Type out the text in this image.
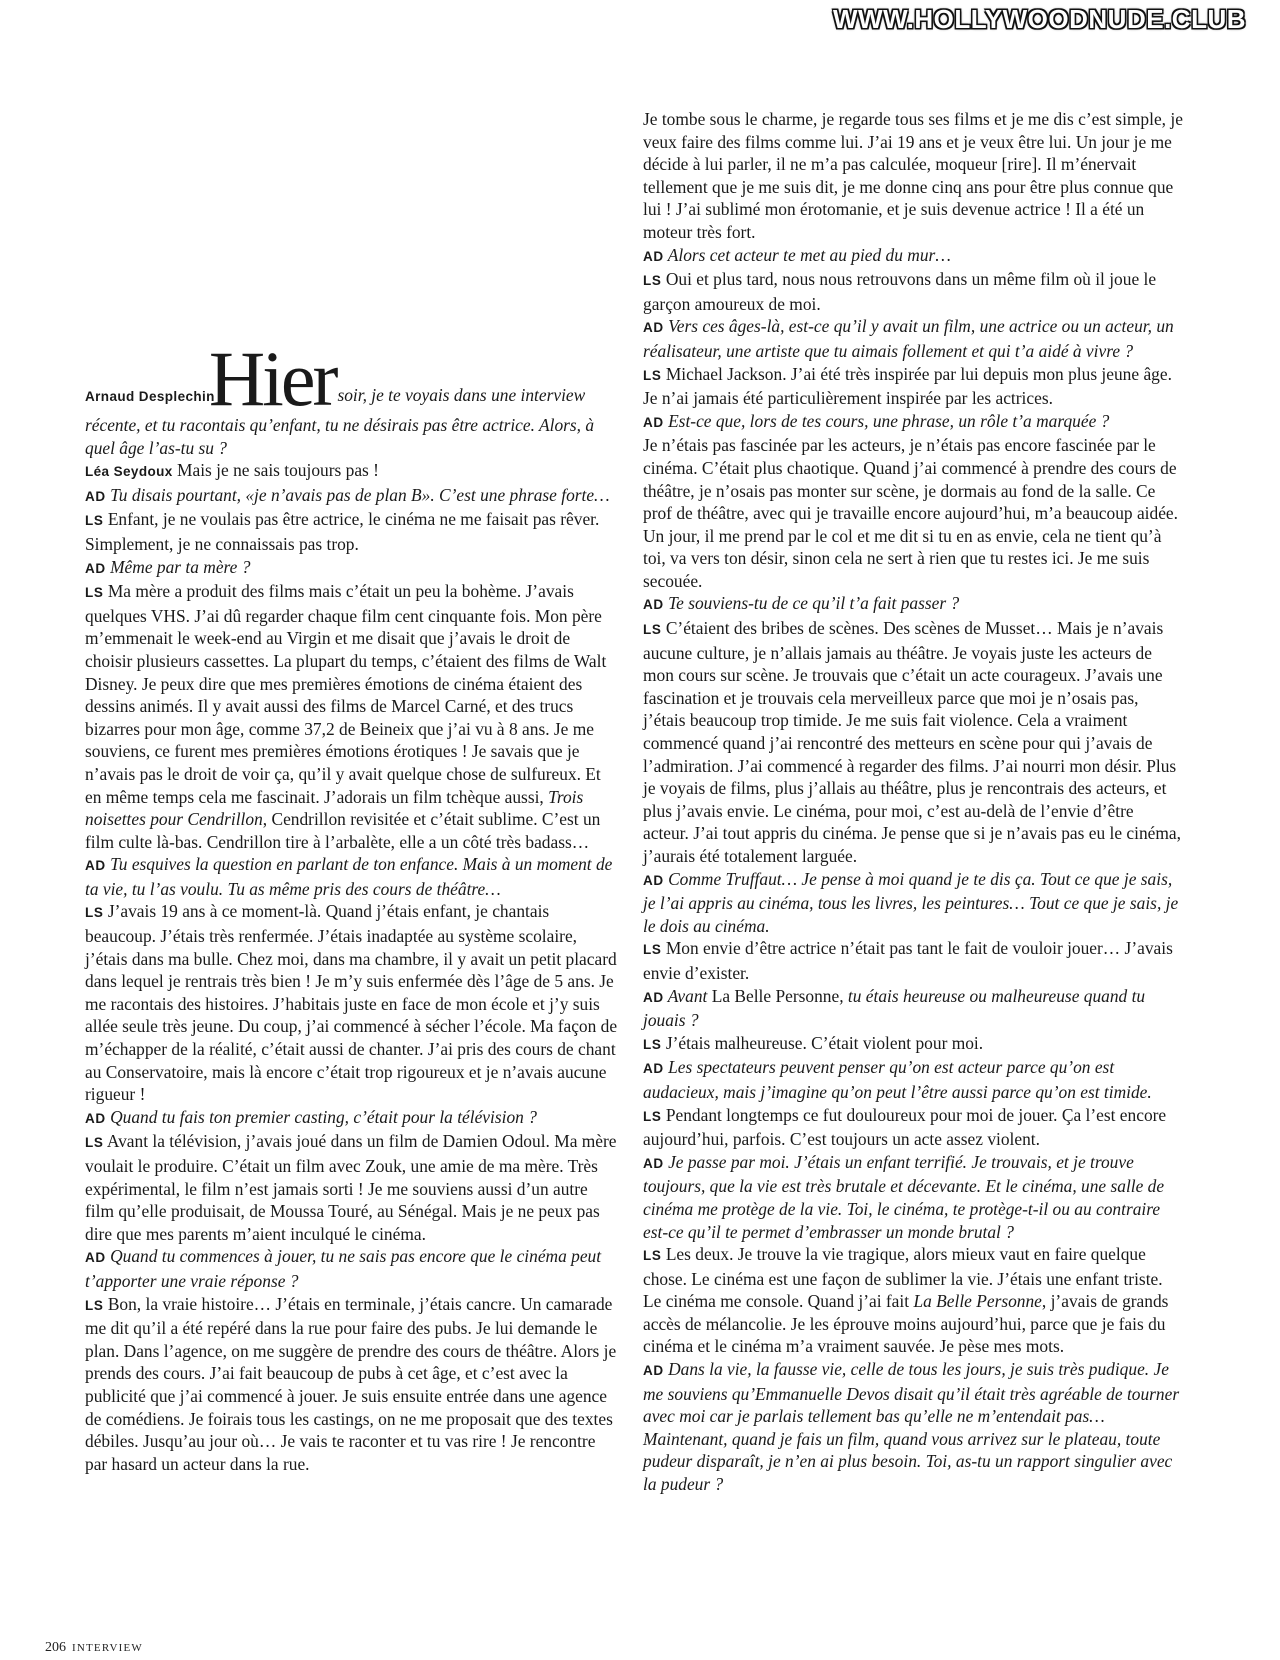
WWW.HOLLYWOODNUDE.CLUB

Arnaud DesplechinHier soir, je te voyais dans une interview récente, et tu racontais qu’enfant, tu ne désirais pas être actrice. Alors, à quel âge l’as-tu su ?

Léa Seydoux Mais je ne sais toujours pas !

AD Tu disais pourtant, «je n’avais pas de plan B». C’est une phrase forte…

LS Enfant, je ne voulais pas être actrice, le cinéma ne me faisait pas rêver. Simplement, je ne connaissais pas trop.

AD Même par ta mère ?

LS Ma mère a produit des films mais c’était un peu la bohème. J’avais quelques VHS. J’ai dû regarder chaque film cent cinquante fois. Mon père m’emmenait le week-end au Virgin et me disait que j’avais le droit de choisir plusieurs cassettes. La plupart du temps, c’étaient des films de Walt Disney. Je peux dire que mes premières émotions de cinéma étaient des dessins animés. Il y avait aussi des films de Marcel Carné, et des trucs bizarres pour mon âge, comme 37,2 de Beineix que j’ai vu à 8 ans. Je me souviens, ce furent mes premières émotions érotiques ! Je savais que je n’avais pas le droit de voir ça, qu’il y avait quelque chose de sulfureux. Et en même temps cela me fascinait. J’adorais un film tchèque aussi, Trois noisettes pour Cendrillon, Cendrillon revisitée et c’était sublime. C’est un film culte là-bas. Cendrillon tire à l’arbalète, elle a un côté très badass…

AD Tu esquives la question en parlant de ton enfance. Mais à un moment de ta vie, tu l’as voulu. Tu as même pris des cours de théâtre…

LS J’avais 19 ans à ce moment-là. Quand j’étais enfant, je chantais beaucoup. J’étais très renfermée. J’étais inadaptée au système scolaire, j’étais dans ma bulle. Chez moi, dans ma chambre, il y avait un petit placard dans lequel je rentrais très bien ! Je m’y suis enfermée dès l’âge de 5 ans. Je me racontais des histoires. J’habitais juste en face de mon école et j’y suis allée seule très jeune. Du coup, j’ai commencé à sécher l’école. Ma façon de m’échapper de la réalité, c’était aussi de chanter. J’ai pris des cours de chant au Conservatoire, mais là encore c’était trop rigoureux et je n’avais aucune rigueur !

AD Quand tu fais ton premier casting, c’était pour la télévision ?

LS Avant la télévision, j’avais joué dans un film de Damien Odoul. Ma mère voulait le produire. C’était un film avec Zouk, une amie de ma mère. Très expérimental, le film n’est jamais sorti ! Je me souviens aussi d’un autre film qu’elle produisait, de Moussa Touré, au Sénégal. Mais je ne peux pas dire que mes parents m’aient inculqué le cinéma.

AD Quand tu commences à jouer, tu ne sais pas encore que le cinéma peut t’apporter une vraie réponse ?

LS Bon, la vraie histoire… J’étais en terminale, j’étais cancre. Un camarade me dit qu’il a été repéré dans la rue pour faire des pubs. Je lui demande le plan. Dans l’agence, on me suggère de prendre des cours de théâtre. Alors je prends des cours. J’ai fait beaucoup de pubs à cet âge, et c’est avec la publicité que j’ai commencé à jouer. Je suis ensuite entrée dans une agence de comédiens. Je foirais tous les castings, on ne me proposait que des textes débiles. Jusqu’au jour où… Je vais te raconter et tu vas rire ! Je rencontre par hasard un acteur dans la rue.

Je tombe sous le charme, je regarde tous ses films et je me dis c’est simple, je veux faire des films comme lui. J’ai 19 ans et je veux être lui. Un jour je me décide à lui parler, il ne m’a pas calculée, moqueur [rire]. Il m’énervait tellement que je me suis dit, je me donne cinq ans pour être plus connue que lui ! J’ai sublimé mon érotomanie, et je suis devenue actrice ! Il a été un moteur très fort.

AD Alors cet acteur te met au pied du mur…

LS Oui et plus tard, nous nous retrouvons dans un même film où il joue le garçon amoureux de moi.

AD Vers ces âges-là, est-ce qu’il y avait un film, une actrice ou un acteur, un réalisateur, une artiste que tu aimais follement et qui t’a aidé à vivre ?

LS Michael Jackson. J’ai été très inspirée par lui depuis mon plus jeune âge. Je n’ai jamais été particulièrement inspirée par les actrices.

AD Est-ce que, lors de tes cours, une phrase, un rôle t’a marquée ?

Je n’étais pas fascinée par les acteurs, je n’étais pas encore fascinée par le cinéma. C’était plus chaotique. Quand j’ai commencé à prendre des cours de théâtre, je n’osais pas monter sur scène, je dormais au fond de la salle. Ce prof de théâtre, avec qui je travaille encore aujourd’hui, m’a beaucoup aidée. Un jour, il me prend par le col et me dit si tu en as envie, cela ne tient qu’à toi, va vers ton désir, sinon cela ne sert à rien que tu restes ici. Je me suis secouée.

AD Te souviens-tu de ce qu’il t’a fait passer ?

LS C’étaient des bribes de scènes. Des scènes de Musset… Mais je n’avais aucune culture, je n’allais jamais au théâtre. Je voyais juste les acteurs de mon cours sur scène. Je trouvais que c’était un acte courageux. J’avais une fascination et je trouvais cela merveilleux parce que moi je n’osais pas, j’étais beaucoup trop timide. Je me suis fait violence. Cela a vraiment commencé quand j’ai rencontré des metteurs en scène pour qui j’avais de l’admiration. J’ai commencé à regarder des films. J’ai nourri mon désir. Plus je voyais de films, plus j’allais au théâtre, plus je rencontrais des acteurs, et plus j’avais envie. Le cinéma, pour moi, c’est au-delà de l’envie d’être acteur. J’ai tout appris du cinéma. Je pense que si je n’avais pas eu le cinéma, j’aurais été totalement larguée.

AD Comme Truffaut… Je pense à moi quand je te dis ça. Tout ce que je sais, je l’ai appris au cinéma, tous les livres, les peintures… Tout ce que je sais, je le dois au cinéma.

LS Mon envie d’être actrice n’était pas tant le fait de vouloir jouer… J’avais envie d’exister.

AD Avant La Belle Personne, tu étais heureuse ou malheureuse quand tu jouais ?

LS J’étais malheureuse. C’était violent pour moi.

AD Les spectateurs peuvent penser qu’on est acteur parce qu’on est audacieux, mais j’imagine qu’on peut l’être aussi parce qu’on est timide.

LS Pendant longtemps ce fut douloureux pour moi de jouer. Ça l’est encore aujourd’hui, parfois. C’est toujours un acte assez violent.

AD Je passe par moi. J’étais un enfant terrifié. Je trouvais, et je trouve toujours, que la vie est très brutale et décevante. Et le cinéma, une salle de cinéma me protège de la vie. Toi, le cinéma, te protège-t-il ou au contraire est-ce qu’il te permet d’embrasser un monde brutal ?

LS Les deux. Je trouve la vie tragique, alors mieux vaut en faire quelque chose. Le cinéma est une façon de sublimer la vie. J’étais une enfant triste. Le cinéma me console. Quand j’ai fait La Belle Personne, j’avais de grands accès de mélancolie. Je les éprouve moins aujourd’hui, parce que je fais du cinéma et le cinéma m’a vraiment sauvée. Je pèse mes mots.

AD Dans la vie, la fausse vie, celle de tous les jours, je suis très pudique. Je me souviens qu’Emmanuelle Devos disait qu’il était très agréable de tourner avec moi car je parlais tellement bas qu’elle ne m’entendait pas… Maintenant, quand je fais un film, quand vous arrivez sur le plateau, toute pudeur disparaît, je n’en ai plus besoin. Toi, as-tu un rapport singulier avec la pudeur ?

206 INTERVIEW
